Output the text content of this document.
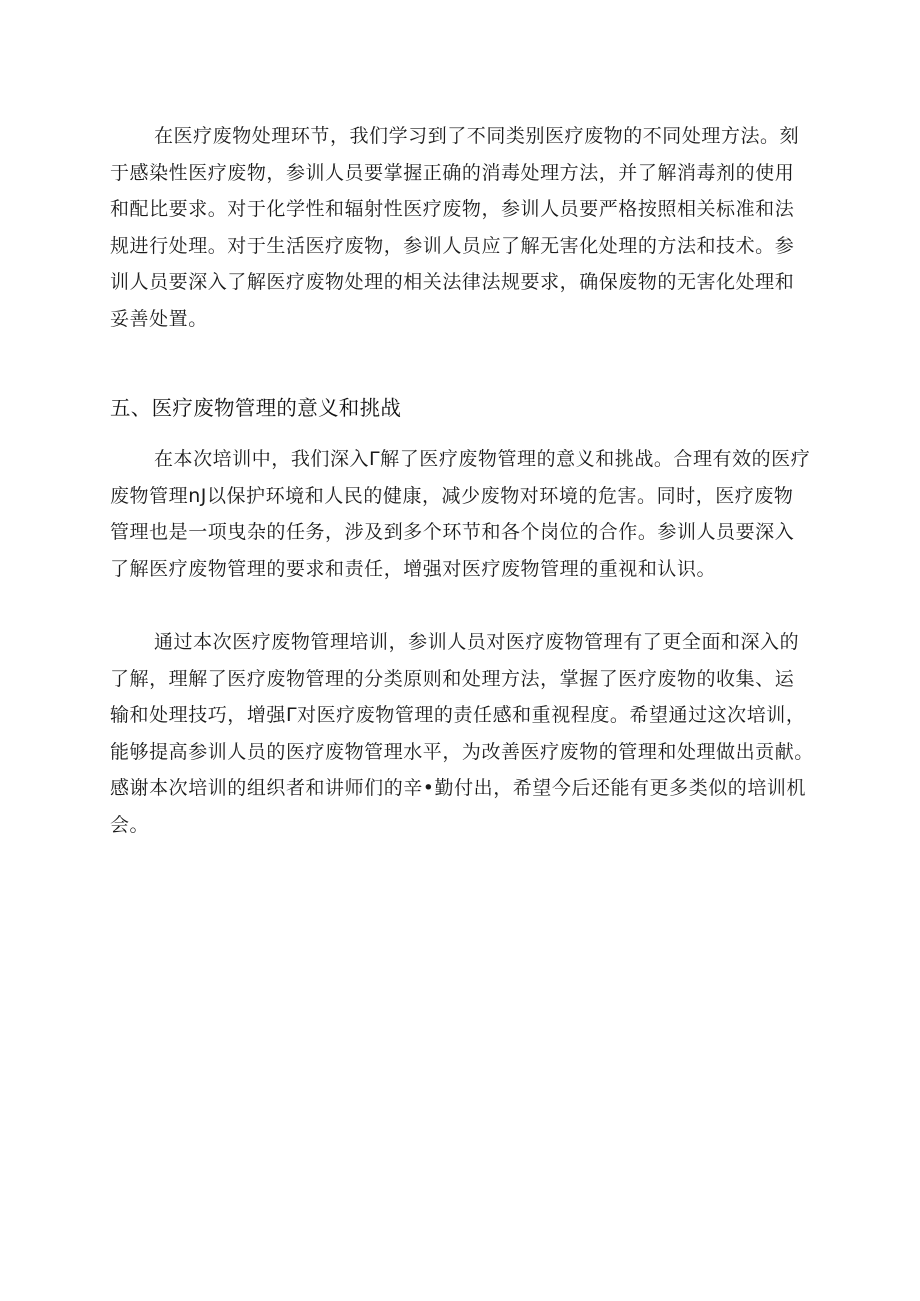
在医疗废物处理环节，我们学习到了不同类别医疗废物的不同处理方法。刻
于感染性医疗废物，参训人员要掌握正确的消毒处理方法，并了解消毒剂的使用
和配比要求。对于化学性和辐射性医疗废物，参训人员要严格按照相关标准和法
规进行处理。对于生活医疗废物，参训人员应了解无害化处理的方法和技术。参
训人员要深入了解医疗废物处理的相关法律法规要求，确保废物的无害化处理和
妥善处置。
五、医疗废物管理的意义和挑战
在本次培训中，我们深入Γ解了医疗废物管理的意义和挑战。合理有效的医疗
废物管理nJ以保护环境和人民的健康，减少废物对环境的危害。同时，医疗废物
管理也是一项曳杂的任务，涉及到多个环节和各个岗位的合作。参训人员要深入
了解医疗废物管理的要求和责任，增强对医疗废物管理的重视和认识。
通过本次医疗废物管理培训，参训人员对医疗废物管理有了更全面和深入的
了解，理解了医疗废物管理的分类原则和处理方法，掌握了医疗废物的收集、运
输和处理技巧，增强Γ对医疗废物管理的责任感和重视程度。希望通过这次培训，
能够提高参训人员的医疗废物管理水平，为改善医疗废物的管理和处理做出贡献。
感谢本次培训的组织者和讲师们的辛•勤付出，希望今后还能有更多类似的培训机
会。
